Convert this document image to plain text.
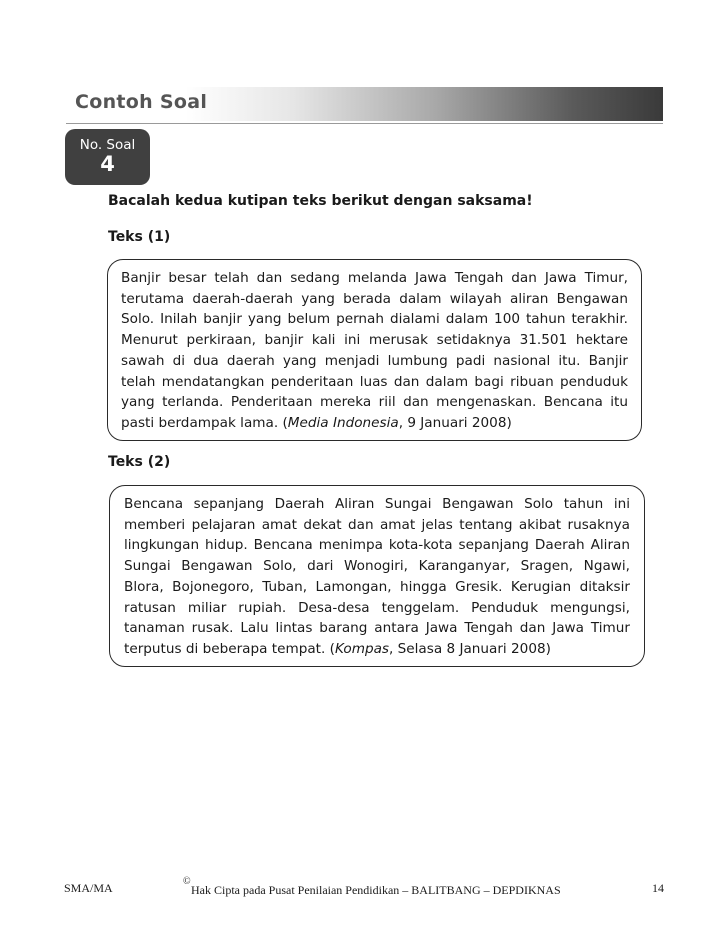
Contoh Soal
No. Soal
4
Bacalah kedua kutipan teks berikut dengan saksama!
Teks (1)
Banjir besar telah dan sedang melanda Jawa Tengah dan Jawa Timur, terutama daerah-daerah yang berada dalam wilayah aliran Bengawan Solo. Inilah banjir yang belum pernah dialami dalam 100 tahun terakhir. Menurut perkiraan, banjir kali ini merusak setidaknya 31.501 hektare sawah di dua daerah yang menjadi lumbung padi nasional itu. Banjir telah mendatangkan penderitaan luas dan dalam bagi ribuan penduduk yang terlanda. Penderitaan mereka riil dan mengenaskan. Bencana itu pasti berdampak lama. (Media Indonesia, 9 Januari 2008)
Teks (2)
Bencana sepanjang Daerah Aliran Sungai Bengawan Solo tahun ini memberi pelajaran amat dekat dan amat jelas tentang akibat rusaknya lingkungan hidup. Bencana menimpa kota-kota sepanjang Daerah Aliran Sungai Bengawan Solo, dari Wonogiri, Karanganyar, Sragen, Ngawi, Blora, Bojonegoro, Tuban, Lamongan, hingga Gresik. Kerugian ditaksir ratusan miliar rupiah. Desa-desa tenggelam. Penduduk mengungsi, tanaman rusak. Lalu lintas barang antara Jawa Tengah dan Jawa Timur terputus di beberapa tempat. (Kompas, Selasa 8 Januari 2008)
SMA/MA	©
Hak Cipta pada Pusat Penilaian Pendidikan – BALITBANG – DEPDIKNAS	14
